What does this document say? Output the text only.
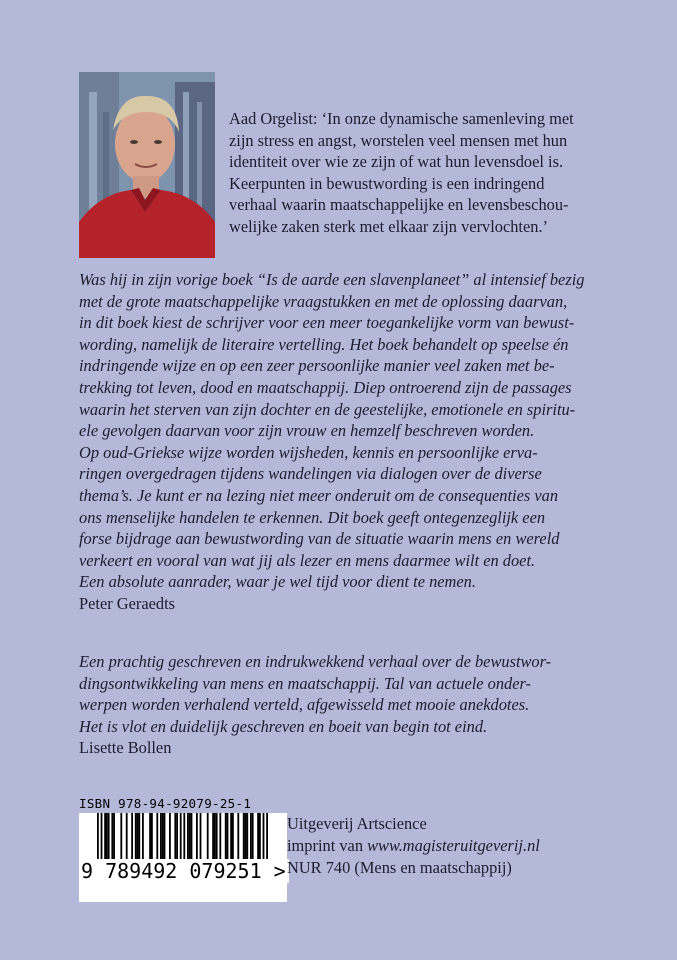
Aad Orgelist: ‘In onze dynamische samenleving met

zijn stress en angst, worstelen veel mensen met hun

identiteit over wie ze zijn of wat hun levensdoel is.

Keerpunten in bewustwording is een indringend

verhaal waarin maatschappelijke en levensbeschou-

welijke zaken sterk met elkaar zijn vervlochten.’

Was hij in zijn vorige boek “Is de aarde een slavenplaneet” al intensief bezig
met de grote maatschappelijke vraagstukken en met de oplossing daarvan,
in dit boek kiest de schrijver voor een meer toegankelijke vorm van bewust-
wording, namelijk de literaire vertelling. Het boek behandelt op speelse én
indringende wijze en op een zeer persoonlijke manier veel zaken met be-
trekking tot leven, dood en maatschappij. Diep ontroerend zijn de passages
waarin het sterven van zijn dochter en de geestelijke, emotionele en spiritu-
ele gevolgen daarvan voor zijn vrouw en hemzelf beschreven worden.
Op oud-Griekse wijze worden wijsheden, kennis en persoonlijke erva-
ringen overgedragen tijdens wandelingen via dialogen over de diverse
thema’s. Je kunt er na lezing niet meer onderuit om de consequenties van
ons menselijke handelen te erkennen. Dit boek geeft ontegenzeglijk een
forse bijdrage aan bewustwording van de situatie waarin mens en wereld
verkeert en vooral van wat jij als lezer en mens daarmee wilt en doet.
Een absolute aanrader, waar je wel tijd voor dient te nemen.
Peter Geraedts
Een prachtig geschreven en indrukwekkend verhaal over de bewustwor-
dingsontwikkeling van mens en maatschappij. Tal van actuele onder-
werpen worden verhalend verteld, afgewisseld met mooie anekdotes.
Het is vlot en duidelijk geschreven en boeit van begin tot eind.
Lisette Bollen
ISBN 978-94-92079-25-1
9 789492 079251 >
Uitgeverij Artscience
imprint van www.magisteruitgeverij.nl
NUR 740 (Mens en maatschappij)
